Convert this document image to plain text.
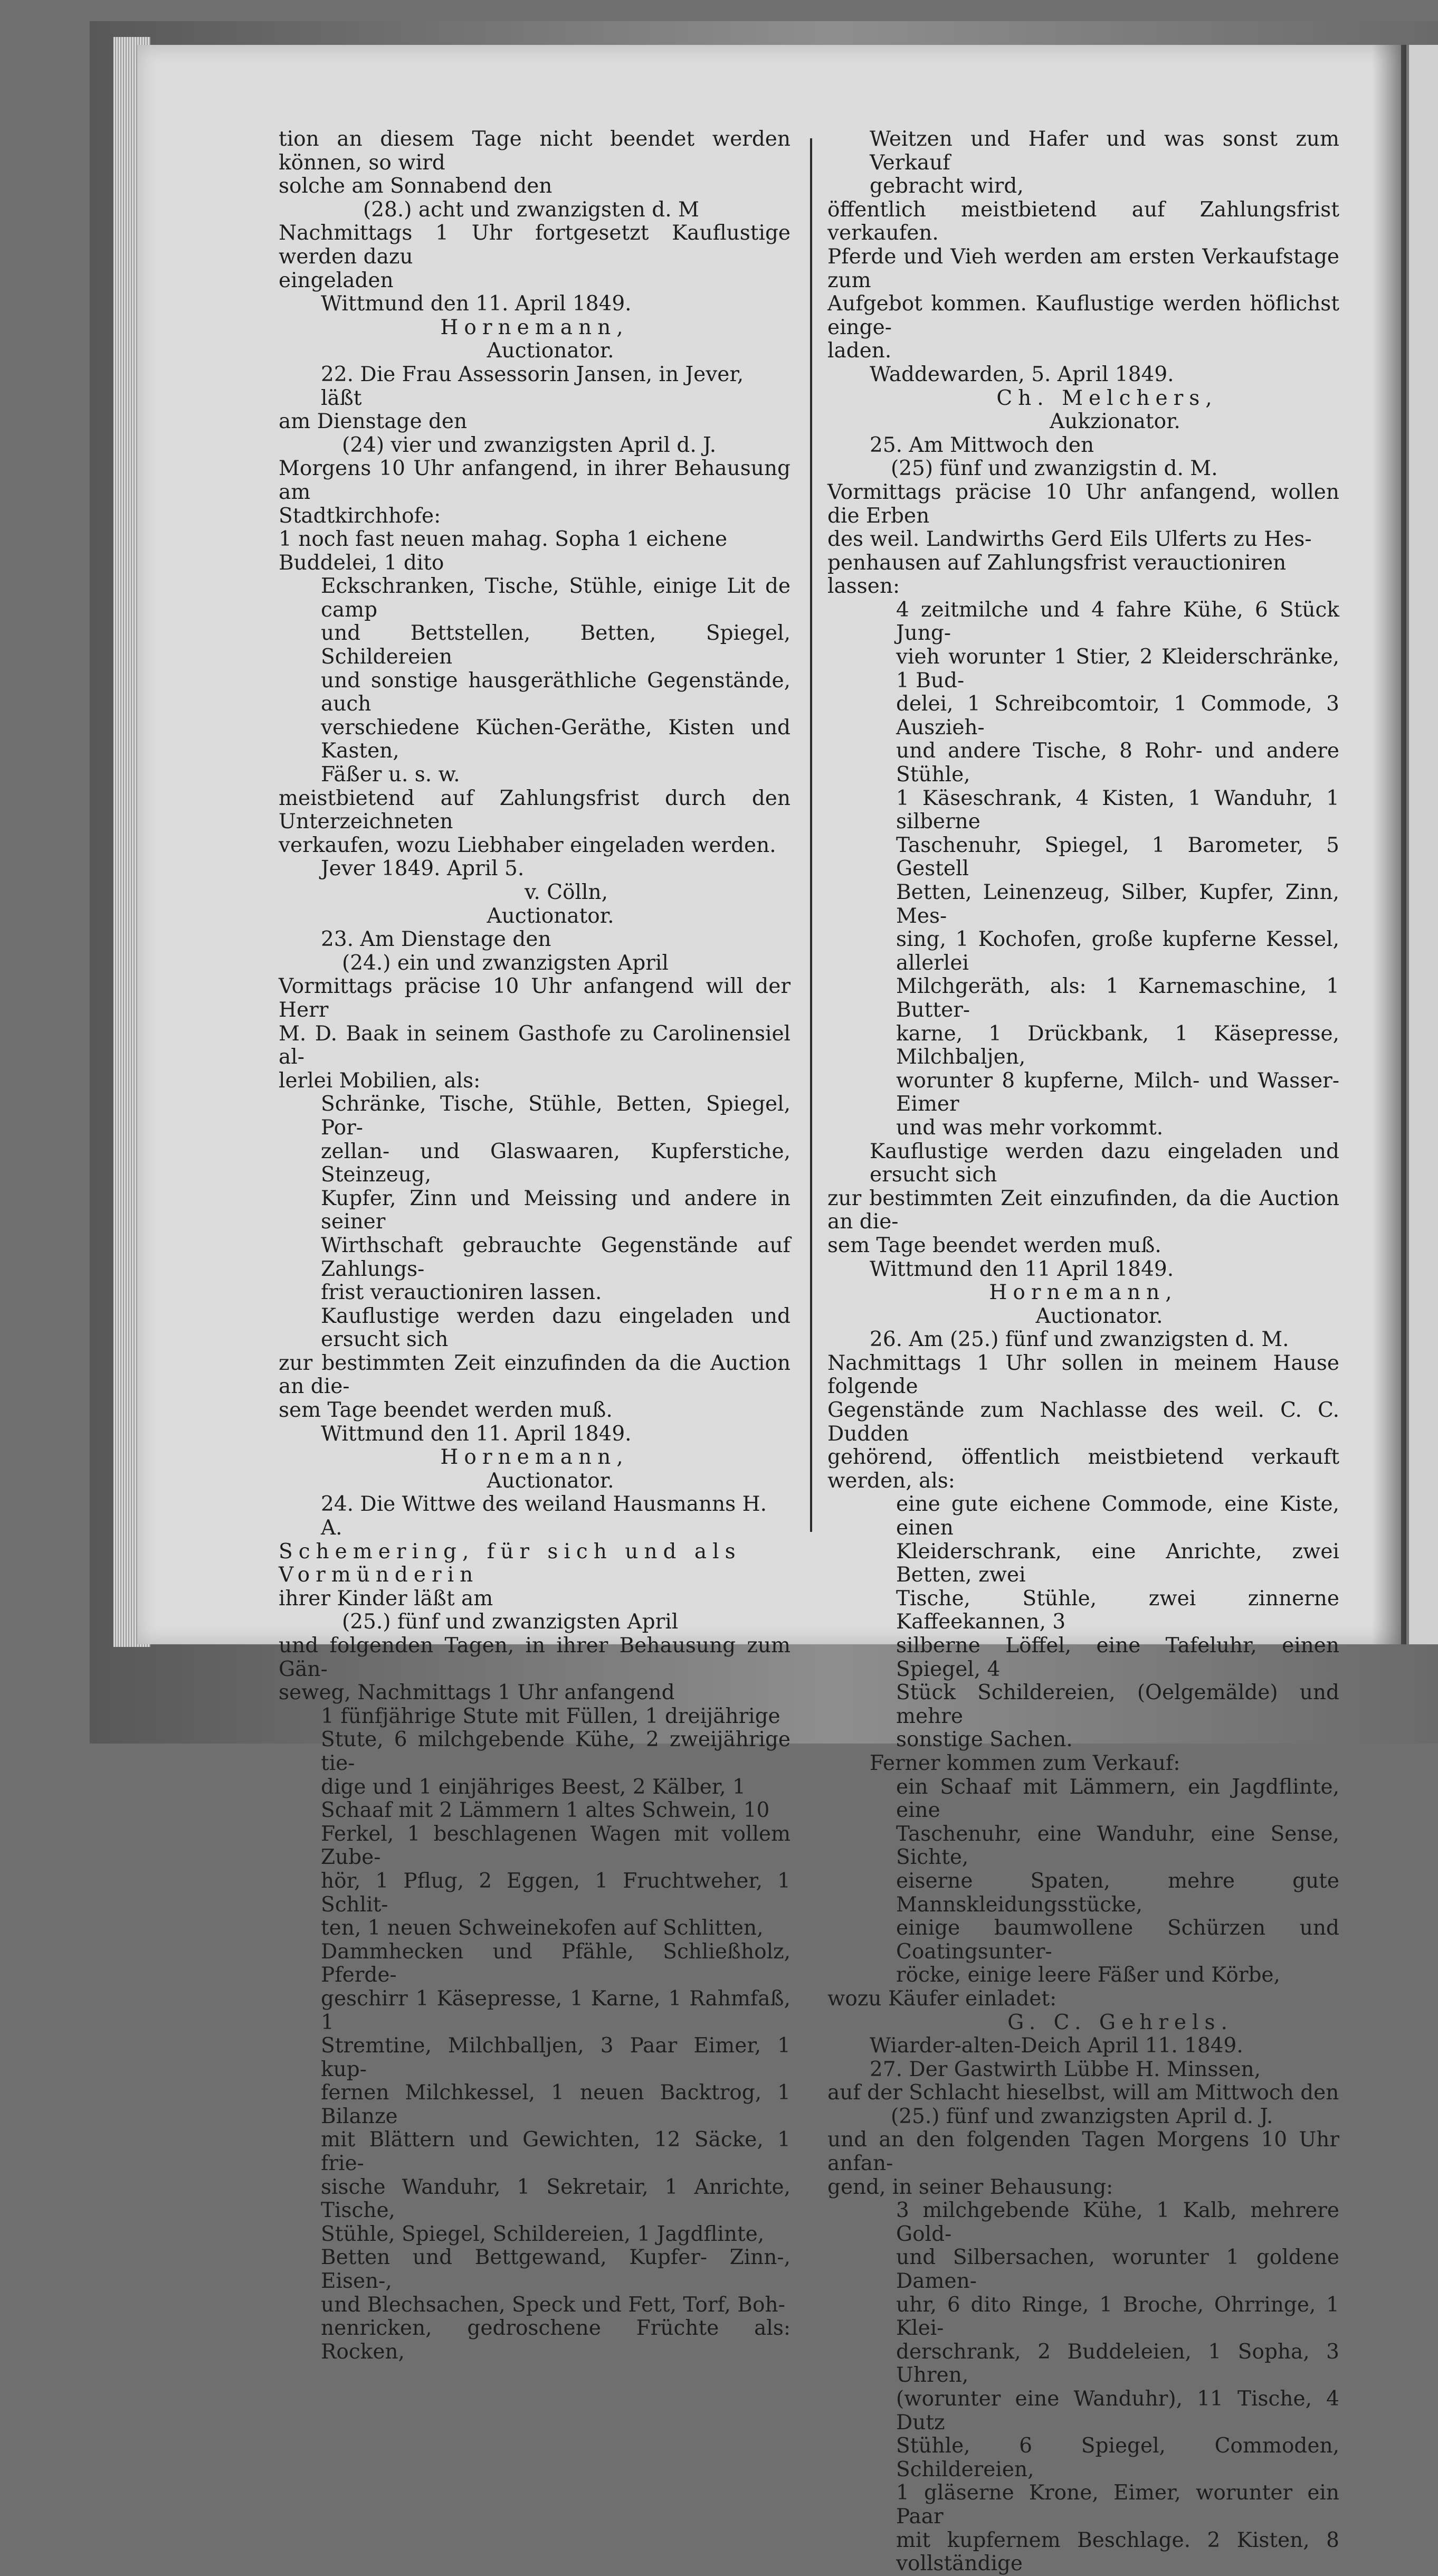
tion an diesem Tage nicht beendet werden können, so wird

solche am Sonnabend den

(28.) acht und zwanzigsten d. M

Nachmittags 1 Uhr fortgesetzt Kauflustige werden dazu

eingeladen

Wittmund den 11. April 1849.

Hornemann,

Auctionator.

22. Die Frau Assessorin Jansen, in Jever, läßt

am Dienstage den

(24) vier und zwanzigsten April d. J.

Morgens 10 Uhr anfangend, in ihrer Behausung am

Stadtkirchhofe:

1 noch fast neuen mahag. Sopha 1 eichene Buddelei, 1 dito

Eckschranken, Tische, Stühle, einige Lit de camp

und Bettstellen, Betten, Spiegel, Schildereien

und sonstige hausgeräthliche Gegenstände, auch

verschiedene Küchen-Geräthe, Kisten und Kasten,

Fäßer u. s. w.

meistbietend auf Zahlungsfrist durch den Unterzeichneten

verkaufen, wozu Liebhaber eingeladen werden.

Jever 1849. April 5.

v. Cölln,

Auctionator.

23. Am Dienstage den

(24.) ein und zwanzigsten April

Vormittags präcise 10 Uhr anfangend will der Herr

M. D. Baak in seinem Gasthofe zu Carolinensiel al-

lerlei Mobilien, als:

Schränke, Tische, Stühle, Betten, Spiegel, Por-

zellan- und Glaswaaren, Kupferstiche, Steinzeug,

Kupfer, Zinn und Meissing und andere in seiner

Wirthschaft gebrauchte Gegenstände auf Zahlungs-

frist verauctioniren lassen.

Kauflustige werden dazu eingeladen und ersucht sich

zur bestimmten Zeit einzufinden da die Auction an die-

sem Tage beendet werden muß.

Wittmund den 11. April 1849.

Hornemann,

Auctionator.

24. Die Wittwe des weiland Hausmanns H. A.

Schemering, für sich und als Vormünderin

ihrer Kinder läßt am

(25.) fünf und zwanzigsten April

und folgenden Tagen, in ihrer Behausung zum Gän-

seweg, Nachmittags 1 Uhr anfangend

1 fünfjährige Stute mit Füllen, 1 dreijährige

Stute, 6 milchgebende Kühe, 2 zweijährige tie-

dige und 1 einjähriges Beest, 2 Kälber, 1

Schaaf mit 2 Lämmern 1 altes Schwein, 10

Ferkel, 1 beschlagenen Wagen mit vollem Zube-

hör, 1 Pflug, 2 Eggen, 1 Fruchtweher, 1 Schlit-

ten, 1 neuen Schweinekofen auf Schlitten,

Dammhecken und Pfähle, Schließholz, Pferde-

geschirr 1 Käsepresse, 1 Karne, 1 Rahmfaß, 1

Stremtine, Milchballjen, 3 Paar Eimer, 1 kup-

fernen Milchkessel, 1 neuen Backtrog, 1 Bilanze

mit Blättern und Gewichten, 12 Säcke, 1 frie-

sische Wanduhr, 1 Sekretair, 1 Anrichte, Tische,

Stühle, Spiegel, Schildereien, 1 Jagdflinte,

Betten und Bettgewand, Kupfer- Zinn-, Eisen-,

und Blechsachen, Speck und Fett, Torf, Boh-

nenricken, gedroschene Früchte als: Rocken,

Weitzen und Hafer und was sonst zum Verkauf

gebracht wird,

öffentlich meistbietend auf Zahlungsfrist verkaufen.

Pferde und Vieh werden am ersten Verkaufstage zum

Aufgebot kommen. Kauflustige werden höflichst einge-

laden.

Waddewarden, 5. April 1849.

Ch. Melchers,

Aukzionator.

25. Am Mittwoch den

(25) fünf und zwanzigstin d. M.

Vormittags präcise 10 Uhr anfangend, wollen die Erben

des weil. Landwirths Gerd Eils Ulferts zu Hes-

penhausen auf Zahlungsfrist verauctioniren lassen:

4 zeitmilche und 4 fahre Kühe, 6 Stück Jung-

vieh worunter 1 Stier, 2 Kleiderschränke, 1 Bud-

delei, 1 Schreibcomtoir, 1 Commode, 3 Auszieh-

und andere Tische, 8 Rohr- und andere Stühle,

1 Käseschrank, 4 Kisten, 1 Wanduhr, 1 silberne

Taschenuhr, Spiegel, 1 Barometer, 5 Gestell

Betten, Leinenzeug, Silber, Kupfer, Zinn, Mes-

sing, 1 Kochofen, große kupferne Kessel, allerlei

Milchgeräth, als: 1 Karnemaschine, 1 Butter-

karne, 1 Drückbank, 1 Käsepresse, Milchbaljen,

worunter 8 kupferne, Milch- und Wasser-Eimer

und was mehr vorkommt.

Kauflustige werden dazu eingeladen und ersucht sich

zur bestimmten Zeit einzufinden, da die Auction an die-

sem Tage beendet werden muß.

Wittmund den 11 April 1849.

Hornemann,

Auctionator.

26. Am (25.) fünf und zwanzigsten d. M.

Nachmittags 1 Uhr sollen in meinem Hause folgende

Gegenstände zum Nachlasse des weil. C. C. Dudden

gehörend, öffentlich meistbietend verkauft werden, als:

eine gute eichene Commode, eine Kiste, einen

Kleiderschrank, eine Anrichte, zwei Betten, zwei

Tische, Stühle, zwei zinnerne Kaffeekannen, 3

silberne Löffel, eine Tafeluhr, einen Spiegel, 4

Stück Schildereien, (Oelgemälde) und mehre

sonstige Sachen.

Ferner kommen zum Verkauf:

ein Schaaf mit Lämmern, ein Jagdflinte, eine

Taschenuhr, eine Wanduhr, eine Sense, Sichte,

eiserne Spaten, mehre gute Mannskleidungsstücke,

einige baumwollene Schürzen und Coatingsunter-

röcke, einige leere Fäßer und Körbe,

wozu Käufer einladet:

G. C. Gehrels.

Wiarder-alten-Deich April 11. 1849.

27. Der Gastwirth Lübbe H. Minssen,

auf der Schlacht hieselbst, will am Mittwoch den

(25.) fünf und zwanzigsten April d. J.

und an den folgenden Tagen Morgens 10 Uhr anfan-

gend, in seiner Behausung:

3 milchgebende Kühe, 1 Kalb, mehrere Gold-

und Silbersachen, worunter 1 goldene Damen-

uhr, 6 dito Ringe, 1 Broche, Ohrringe, 1 Klei-

derschrank, 2 Buddeleien, 1 Sopha, 3 Uhren,

(worunter eine Wanduhr), 11 Tische, 4 Dutz

Stühle, 6 Spiegel, Commoden, Schildereien,

1 gläserne Krone, Eimer, worunter ein Paar

mit kupfernem Beschlage. 2 Kisten, 8 vollständige
